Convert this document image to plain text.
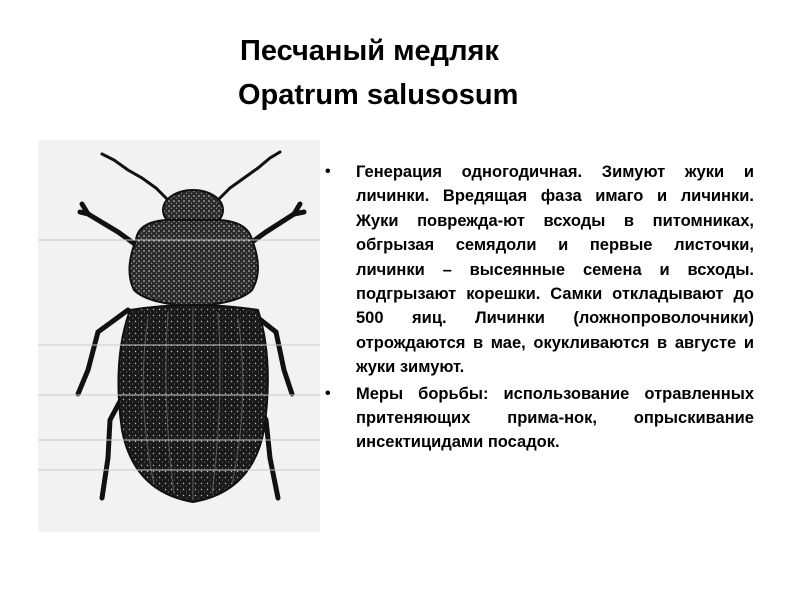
Песчаный медляк
Opatrum salusosum
• Генерация одногодичная. Зимуют жуки и личинки. Вредящая фаза имаго и личинки. Жуки поврежда-ют всходы в питомниках, обгрызая семядоли и первые листочки, личинки – высеянные семена и всходы. подгрызают корешки. Самки откладывают до 500 яиц. Личинки (ложнопроволочники) отрождаются в мае, окукливаются в августе и жуки зимуют.
• Меры борьбы: использование отравленных притеняющих прима-нок, опрыскивание инсектицидами посадок.
